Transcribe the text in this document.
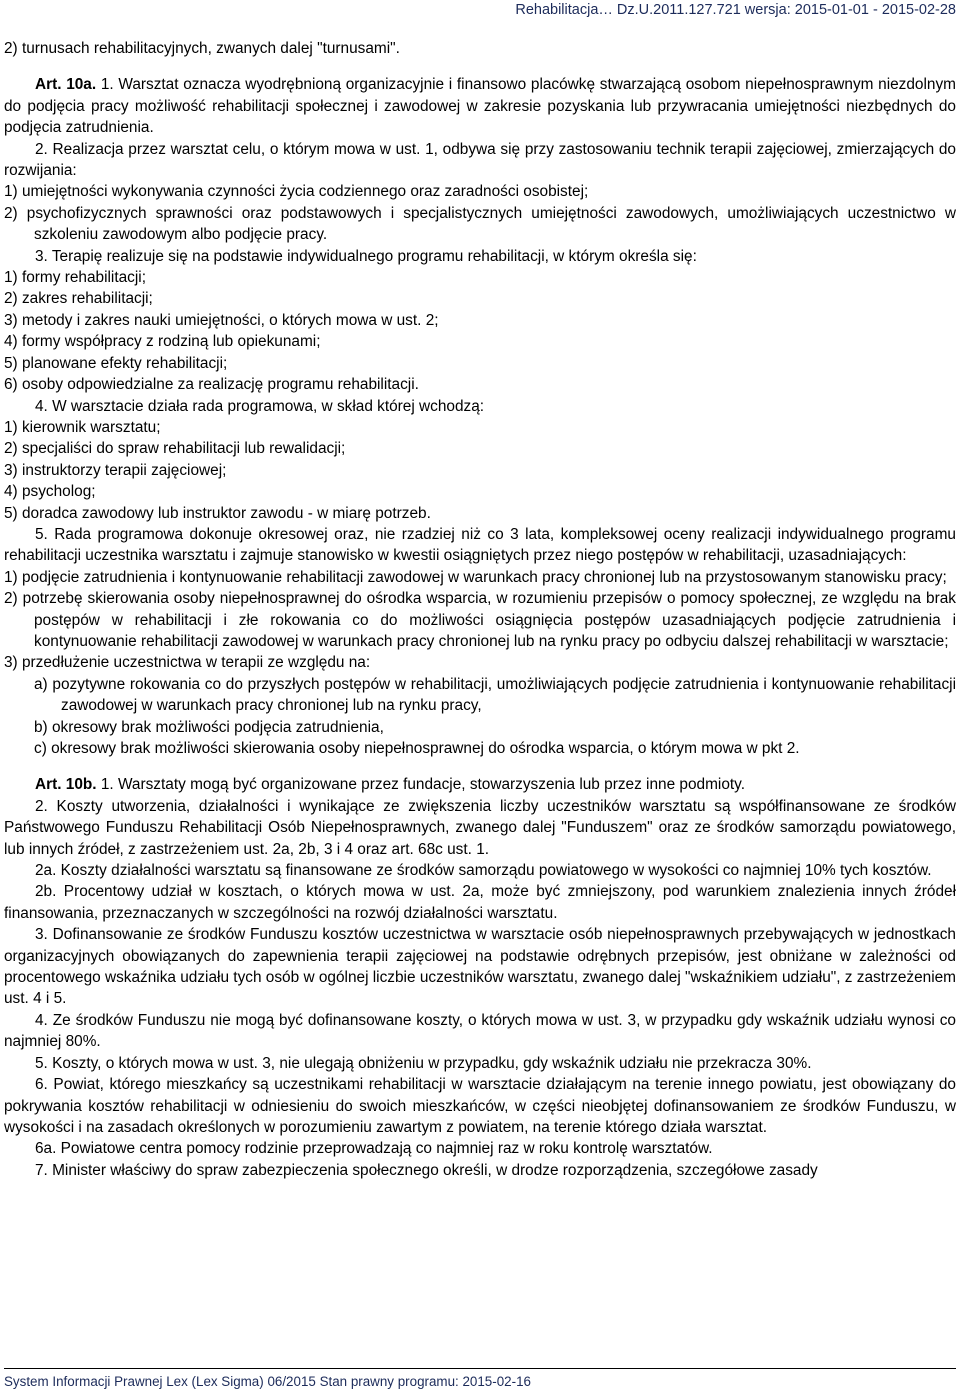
Rehabilitacja… Dz.U.2011.127.721 wersja: 2015-01-01 - 2015-02-28

2) turnusach rehabilitacyjnych, zwanych dalej "turnusami".

Art. 10a. 1. Warsztat oznacza wyodrębnioną organizacyjnie i finansowo placówkę stwarzającą osobom niepełnosprawnym niezdolnym do podjęcia pracy możliwość rehabilitacji społecznej i zawodowej w zakresie pozyskania lub przywracania umiejętności niezbędnych do podjęcia zatrudnienia.

2. Realizacja przez warsztat celu, o którym mowa w ust. 1, odbywa się przy zastosowaniu technik terapii zajęciowej, zmierzających do rozwijania:

1) umiejętności wykonywania czynności życia codziennego oraz zaradności osobistej;

2) psychofizycznych sprawności oraz podstawowych i specjalistycznych umiejętności zawodowych, umożliwiających uczestnictwo w szkoleniu zawodowym albo podjęcie pracy.

3. Terapię realizuje się na podstawie indywidualnego programu rehabilitacji, w którym określa się:

1) formy rehabilitacji;

2) zakres rehabilitacji;

3) metody i zakres nauki umiejętności, o których mowa w ust. 2;

4) formy współpracy z rodziną lub opiekunami;

5) planowane efekty rehabilitacji;

6) osoby odpowiedzialne za realizację programu rehabilitacji.

4. W warsztacie działa rada programowa, w skład której wchodzą:

1) kierownik warsztatu;

2) specjaliści do spraw rehabilitacji lub rewalidacji;

3) instruktorzy terapii zajęciowej;

4) psycholog;

5) doradca zawodowy lub instruktor zawodu - w miarę potrzeb.

5. Rada programowa dokonuje okresowej oraz, nie rzadziej niż co 3 lata, kompleksowej oceny realizacji indywidualnego programu rehabilitacji uczestnika warsztatu i zajmuje stanowisko w kwestii osiągniętych przez niego postępów w rehabilitacji, uzasadniających:

1) podjęcie zatrudnienia i kontynuowanie rehabilitacji zawodowej w warunkach pracy chronionej lub na przystosowanym stanowisku pracy;

2) potrzebę skierowania osoby niepełnosprawnej do ośrodka wsparcia, w rozumieniu przepisów o pomocy społecznej, ze względu na brak postępów w rehabilitacji i złe rokowania co do możliwości osiągnięcia postępów uzasadniających podjęcie zatrudnienia i kontynuowanie rehabilitacji zawodowej w warunkach pracy chronionej lub na rynku pracy po odbyciu dalszej rehabilitacji w warsztacie;

3) przedłużenie uczestnictwa w terapii ze względu na:

a) pozytywne rokowania co do przyszłych postępów w rehabilitacji, umożliwiających podjęcie zatrudnienia i kontynuowanie rehabilitacji zawodowej w warunkach pracy chronionej lub na rynku pracy,

b) okresowy brak możliwości podjęcia zatrudnienia,

c) okresowy brak możliwości skierowania osoby niepełnosprawnej do ośrodka wsparcia, o którym mowa w pkt 2.

Art. 10b. 1. Warsztaty mogą być organizowane przez fundacje, stowarzyszenia lub przez inne podmioty.

2. Koszty utworzenia, działalności i wynikające ze zwiększenia liczby uczestników warsztatu są współfinansowane ze środków Państwowego Funduszu Rehabilitacji Osób Niepełnosprawnych, zwanego dalej "Funduszem" oraz ze środków samorządu powiatowego, lub innych źródeł, z zastrzeżeniem ust. 2a, 2b, 3 i 4 oraz art. 68c ust. 1.

2a. Koszty działalności warsztatu są finansowane ze środków samorządu powiatowego w wysokości co najmniej 10% tych kosztów.

2b. Procentowy udział w kosztach, o których mowa w ust. 2a, może być zmniejszony, pod warunkiem znalezienia innych źródeł finansowania, przeznaczanych w szczególności na rozwój działalności warsztatu.

3. Dofinansowanie ze środków Funduszu kosztów uczestnictwa w warsztacie osób niepełnosprawnych przebywających w jednostkach organizacyjnych obowiązanych do zapewnienia terapii zajęciowej na podstawie odrębnych przepisów, jest obniżane w zależności od procentowego wskaźnika udziału tych osób w ogólnej liczbie uczestników warsztatu, zwanego dalej "wskaźnikiem udziału", z zastrzeżeniem ust. 4 i 5.

4. Ze środków Funduszu nie mogą być dofinansowane koszty, o których mowa w ust. 3, w przypadku gdy wskaźnik udziału wynosi co najmniej 80%.

5. Koszty, o których mowa w ust. 3, nie ulegają obniżeniu w przypadku, gdy wskaźnik udziału nie przekracza 30%.

6. Powiat, którego mieszkańcy są uczestnikami rehabilitacji w warsztacie działającym na terenie innego powiatu, jest obowiązany do pokrywania kosztów rehabilitacji w odniesieniu do swoich mieszkańców, w części nieobjętej dofinansowaniem ze środków Funduszu, w wysokości i na zasadach określonych w porozumieniu zawartym z powiatem, na terenie którego działa warsztat.

6a. Powiatowe centra pomocy rodzinie przeprowadzają co najmniej raz w roku kontrolę warsztatów.

7. Minister właściwy do spraw zabezpieczenia społecznego określi, w drodze rozporządzenia, szczegółowe zasady

System Informacji Prawnej Lex (Lex Sigma) 06/2015 Stan prawny programu: 2015-02-16
